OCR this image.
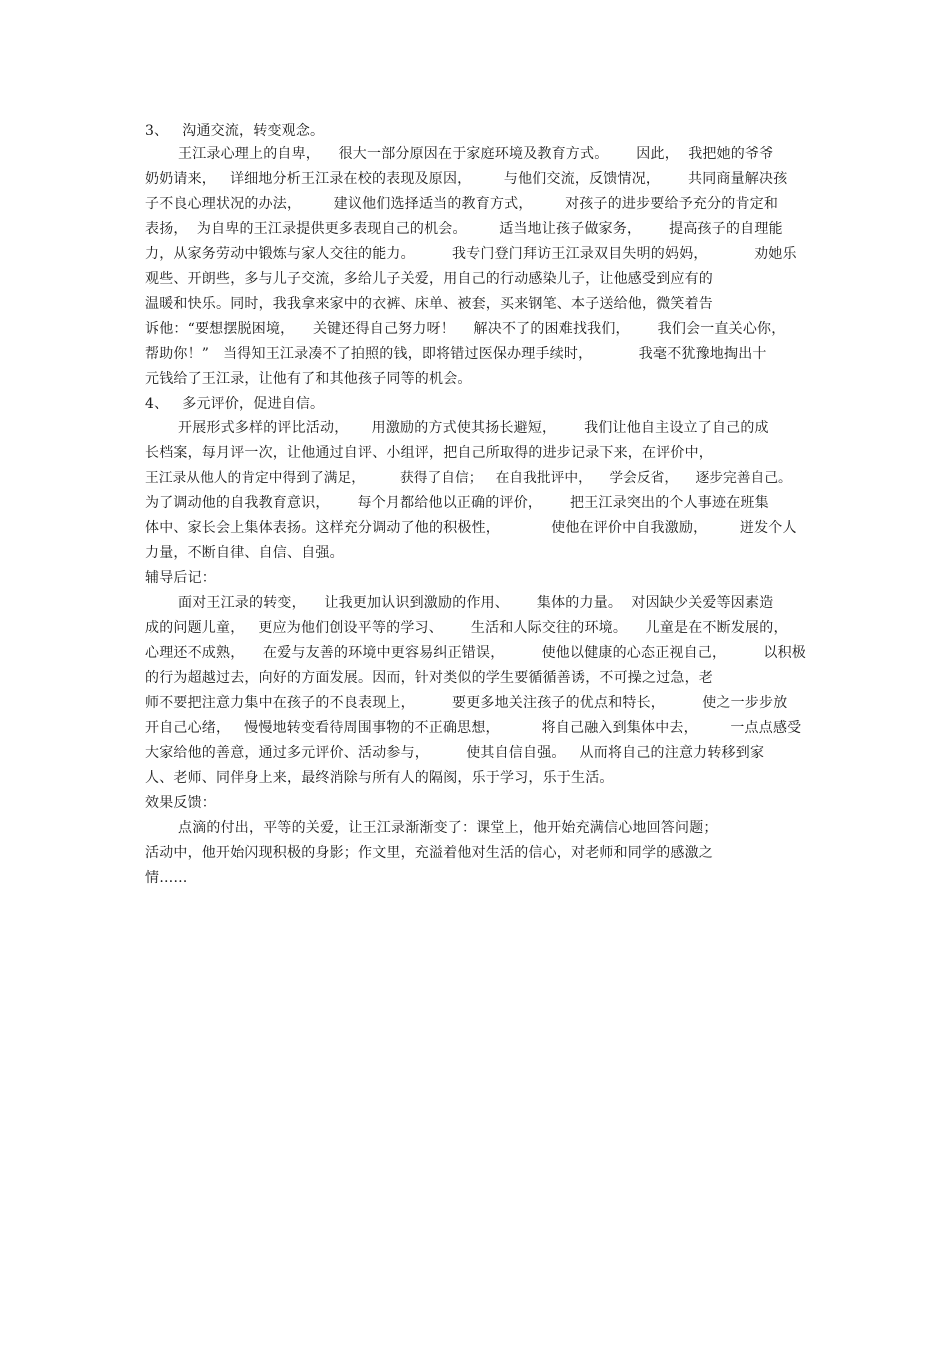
3、   沟通交流，转变观念。
王江录心理上的自卑，    很大一部分原因在于家庭环境及教育方式。      因此，  我把她的爷爷
奶奶请来，   详细地分析王江录在校的表现及原因，       与他们交流，反馈情况，      共同商量解决孩
子不良心理状况的办法，       建议他们选择适当的教育方式，       对孩子的进步要给予充分的肯定和
表扬，  为自卑的王江录提供更多表现自己的机会。       适当地让孩子做家务，      提高孩子的自理能
力，从家务劳动中锻炼与家人交往的能力。        我专门登门拜访王江录双目失明的妈妈，          劝她乐
观些、开朗些，多与儿子交流，多给儿子关爱，用自己的行动感染儿子，让他感受到应有的
温暖和快乐。同时，我我拿来家中的衣裤、床单、被套，买来钢笔、本子送给他，微笑着告
诉他：“要想摆脱困境，    关键还得自己努力呀！    解决不了的困难找我们，      我们会一直关心你，
帮助你！”   当得知王江录凑不了拍照的钱，即将错过医保办理手续时，          我毫不犹豫地掏出十
元钱给了王江录，让他有了和其他孩子同等的机会。
4、   多元评价，促进自信。
开展形式多样的评比活动，     用激励的方式使其扬长避短，      我们让他自主设立了自己的成
长档案，每月评一次，让他通过自评、小组评，把自己所取得的进步记录下来，在评价中，
王江录从他人的肯定中得到了满足，        获得了自信；   在自我批评中，    学会反省，    逐步完善自己。
为了调动他的自我教育意识，      每个月都给他以正确的评价，      把王江录突出的个人事迹在班集
体中、家长会上集体表扬。这样充分调动了他的积极性，           使他在评价中自我激励，       迸发个人
力量，不断自律、自信、自强。
辅导后记：
面对王江录的转变，    让我更加认识到激励的作用、      集体的力量。  对因缺少关爱等因素造
成的问题儿童，   更应为他们创设平等的学习、      生活和人际交往的环境。    儿童是在不断发展的，
心理还不成熟，    在爱与友善的环境中更容易纠正错误，        使他以健康的心态正视自己，        以积极
的行为超越过去，向好的方面发展。因而，针对类似的学生要循循善诱，不可操之过急，老
师不要把注意力集中在孩子的不良表现上，        要更多地关注孩子的优点和特长，        使之一步步放
开自己心绪，   慢慢地转变看待周围事物的不正确思想，         将自己融入到集体中去，       一点点感受
大家给他的善意，通过多元评价、活动参与，        使其自信自强。   从而将自己的注意力转移到家
人、老师、同伴身上来，最终消除与所有人的隔阂，乐于学习，乐于生活。
效果反馈：
点滴的付出，平等的关爱，让王江录渐渐变了：课堂上，他开始充满信心地回答问题；
活动中，他开始闪现积极的身影；作文里，充溢着他对生活的信心，对老师和同学的感激之
情……
